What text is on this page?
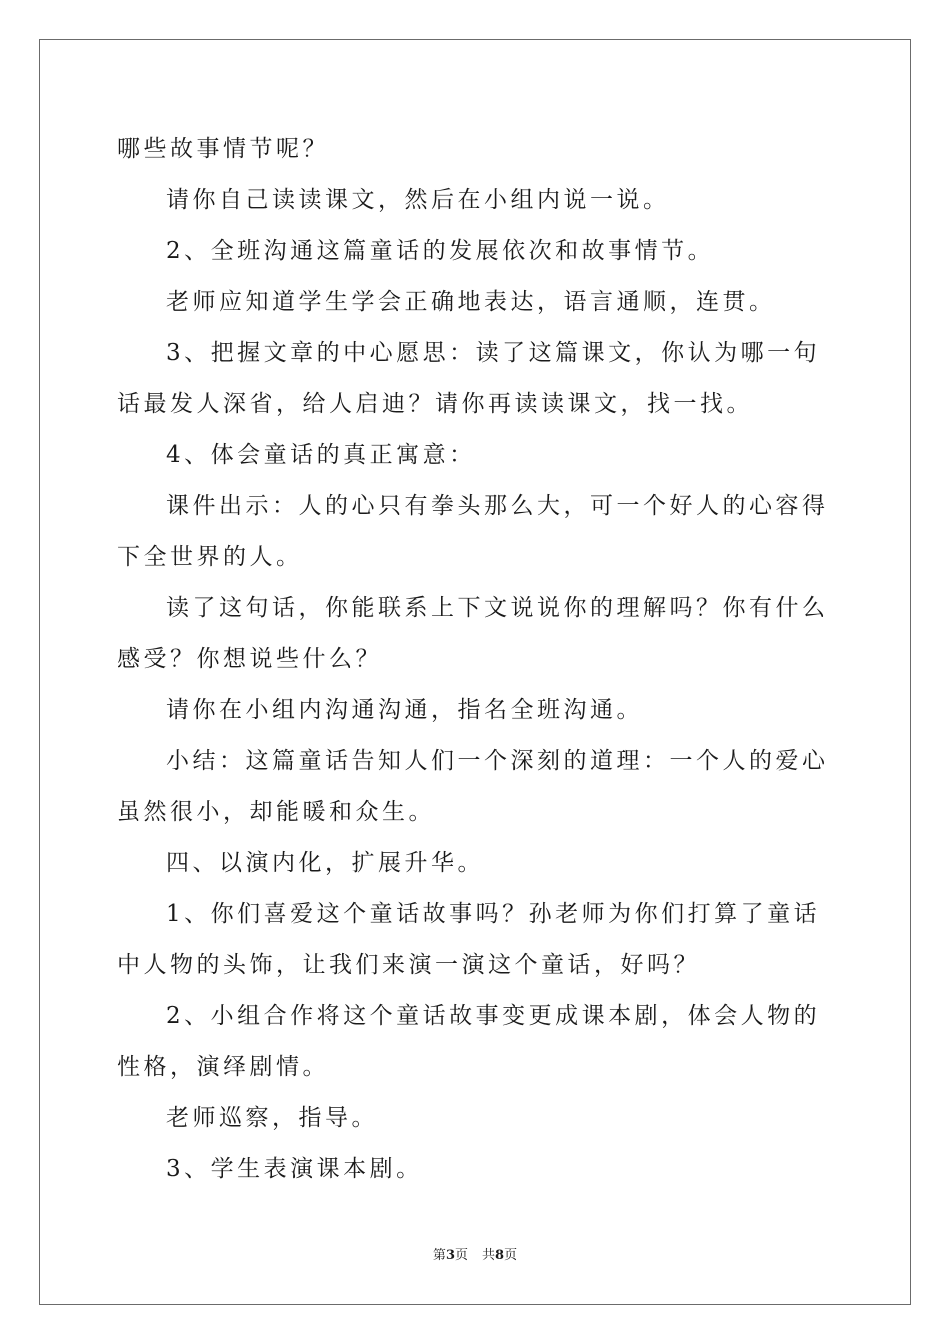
哪些故事情节呢？

请你自己读读课文，然后在小组内说一说。

2、全班沟通这篇童话的发展依次和故事情节。

老师应知道学生学会正确地表达，语言通顺，连贯。

3、把握文章的中心愿思：读了这篇课文，你认为哪一句话最发人深省，给人启迪？请你再读读课文，找一找。

4、体会童话的真正寓意：

课件出示：人的心只有拳头那么大，可一个好人的心容得下全世界的人。

读了这句话，你能联系上下文说说你的理解吗？你有什么感受？你想说些什么？

请你在小组内沟通沟通，指名全班沟通。

小结：这篇童话告知人们一个深刻的道理：一个人的爱心虽然很小，却能暖和众生。

四、以演内化，扩展升华。

1、你们喜爱这个童话故事吗？孙老师为你们打算了童话中人物的头饰，让我们来演一演这个童话，好吗？

2、小组合作将这个童话故事变更成课本剧，体会人物的性格，演绎剧情。

老师巡察，指导。

3、学生表演课本剧。

第3页 共8页
